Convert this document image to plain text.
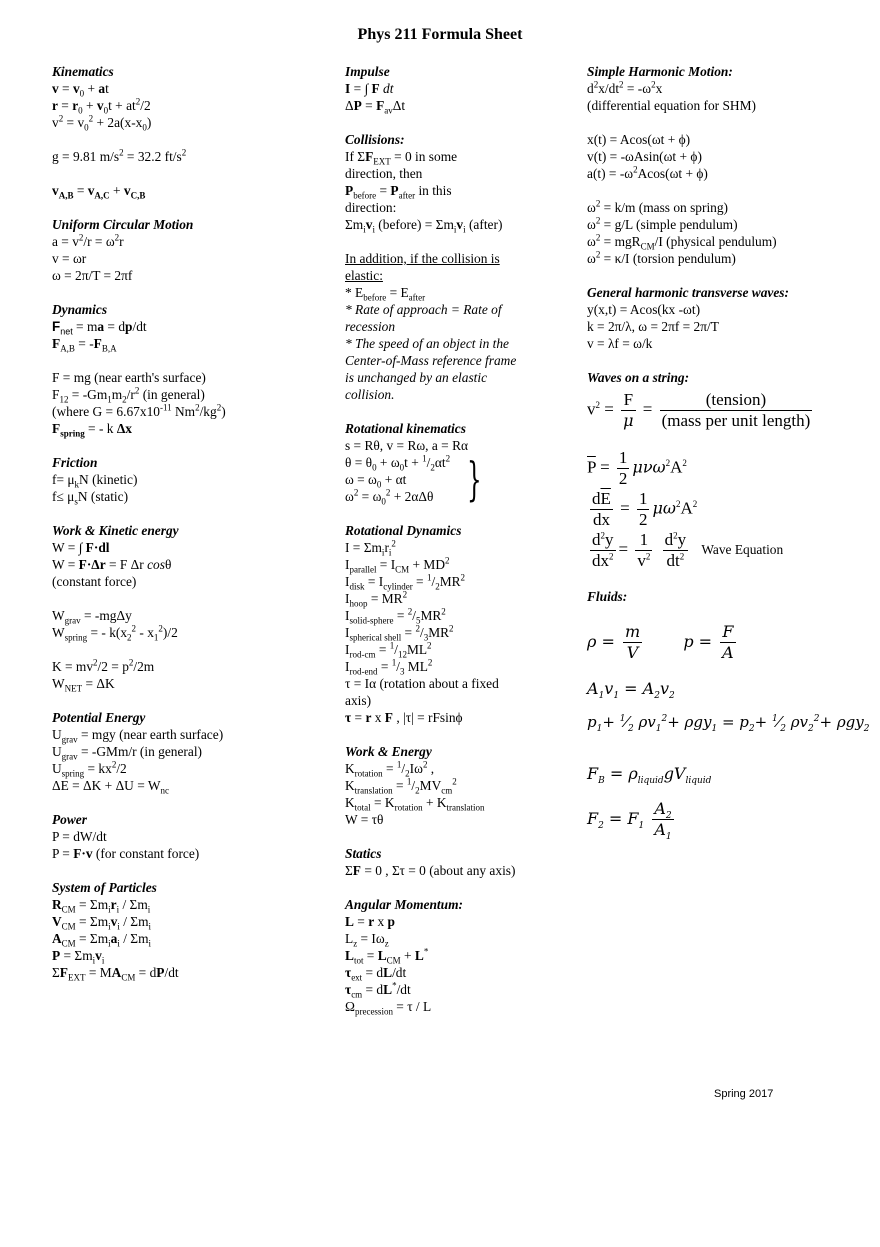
Phys 211 Formula Sheet
Kinematics
$v = v_0$ + at
$r = r_0 + v_0t + at^2/2$
$v^2 = v_0^2 + 2a(x-x_0)$
g = 9.81 $m/s^2 = 32.2$ $ft/s^2$
$v_{A,B} = v_{A,C} + v_{C,B}$
Uniform Circular Motion
$a = v^2/r = \omega^2r$
v = ωr
ω = 2π/T = 2πf
Dynamics
$F_{net}$ = ma = dp/dt
$F_{A,B} = -F_{B,A}$
F = mg (near earth's surface)
$F_{12} = -Gm_1m_2/r^2$ (in general)
(where $G = 6.67x10^{-11}$ $Nm^2/kg^2$)
$F_{spring}$ = - k Δx
Friction
$f= \mu_kN$ (kinetic)
$f\le \mu_sN$ (static)
Work & Kinetic energy
W = ∫ F·dl
W = F·Δr = F Δr cosθ
(constant force)
$W_{grav} = -mg\Delta y$
$W_{spring}$ = - $k(x_2^2 - x_1^2)/2$
$K = mv^2/2 = p^2/2m$
$W_{NET} = \Delta K$
Potential Energy
$U_{grav}$ = mgy (near earth surface)
$U_{grav} = -GMm/r$ (in general)
$U_{spring} = kx^2/2$
$\Delta E = \Delta K + \Delta U = W_{nc}$
Power
P = dW/dt
P = F·v (for constant force)
System of Particles
$R_{CM} = \Sigma m_ir_i / \Sigma m_i$
$V_{CM} = \Sigma m_iv_i / \Sigma m_i$
$A_{CM} = \Sigma m_ia_i / \Sigma m_i$
$P = \Sigma m_iv_i$
$\Sigma F_{EXT} = MA_{CM} = dP/dt$
Impulse
I = ∫ F dt
$\Delta P = F_{av}\Delta t$
Collisions:
If $\Sigma F_{EXT} = 0$ in some direction, then
$P_{before} = P_{after}$ in this direction:
$\Sigma m_iv_i$ (before) = $\Sigma m_iv_i$ (after)
In addition, if the collision is elastic:
* $E_{before} = E_{after}$
* Rate of approach = Rate of recession
* The speed of an object in the Center-of-Mass reference frame is unchanged by an elastic collision.
Rotational kinematics
s = Rθ, v = Rω, a = Rα
$\theta = \theta_0 + \omega_0t + ^1/_2\alpha t^2$
$\omega = \omega_0 + \alpha t$
$\omega^2 = \omega_0^2 + 2\alpha\Delta\theta$ }
Rotational Dynamics
$I = \Sigma m_ir_i^2$
$I_{parallel} = I_{CM} + MD^2$
$I_{disk} = I_{cylinder} = ^1/_2MR^2$
$I_{hoop} = MR^2$
$I_{solid-sphere} = ^2/_5MR^2$
$I_{spherical shell} = ^2/_3MR^2$
$I_{rod-cm} = ^1/_{12}ML^2$
$I_{rod-end} = ^1/_3$ $ML^2$
τ = Iα (rotation about a fixed axis)
τ = r x F , |τ| = rFsinϕ
Work & Energy
$K_{rotation} = ^1/_2I\omega^2$ ,
$K_{translation} = ^1/_2MV_{cm}^2$
$K_{total} = K_{rotation} + K_{translation}$
W = τθ
Statics
ΣF = 0 , Στ = 0 (about any axis)
Angular Momentum:
L = r x p
$L_z = I\omega_z$
$L_{tot} = L_{CM} + L^*$
$\tau_{ext} = dL/dt$
$\tau_{cm} = dL^*/dt$
$\Omega_{precession} = \tau / L$
Simple Harmonic Motion:
$d^2x/dt^2 = -\omega^2x$
(differential equation for SHM)
x(t) = Acos(ωt + ϕ)
v(t) = -ωAsin(ωt + ϕ)
$a(t) = -\omega^2Acos(\omega t + \phi)$
$\omega^2 = k/m$ (mass on spring)
$\omega^2 = g/L$ (simple pendulum)
$\omega^2 = mgR_{CM}/I$ (physical pendulum)
$\omega^2 = \kappa/I$ (torsion pendulum)
General harmonic transverse waves:
y(x,t) = Acos(kx -ωt)
k = 2π/λ, ω = 2πf = 2π/T
v = λf = ω/k
Waves on a string:
$v^2 = \frac{F}{\mu} = \frac{\text{(tension)}}{\text{(mass per unit length)}}$
$\overline{P} = \frac{1}{2} \mu\nu\omega^2A^2$
$\frac{d\overline{E}}{dx} = \frac{1}{2} \mu\omega^2A^2$
$\frac{d^2y}{dx^2} = \frac{1}{v^2}$
$\frac{d^2y}{dt^2}$ Wave Equation
Fluids:
$\rho = \frac{m}{V}$ $p = \frac{F}{A}$
$A_1v_1 = A_2v_2$
$p_1+$ $^1⁄_2$ $\rho v_1^2+ \rho gy_1 = p_2+$ $^1⁄_2$ $\rho v_2^2+ \rho gy_2$
$F_B = \rho_{liquid}gV_{liquid}$
$F_2 = F_1 \frac{A_2}{A_1}$
Spring 2017
